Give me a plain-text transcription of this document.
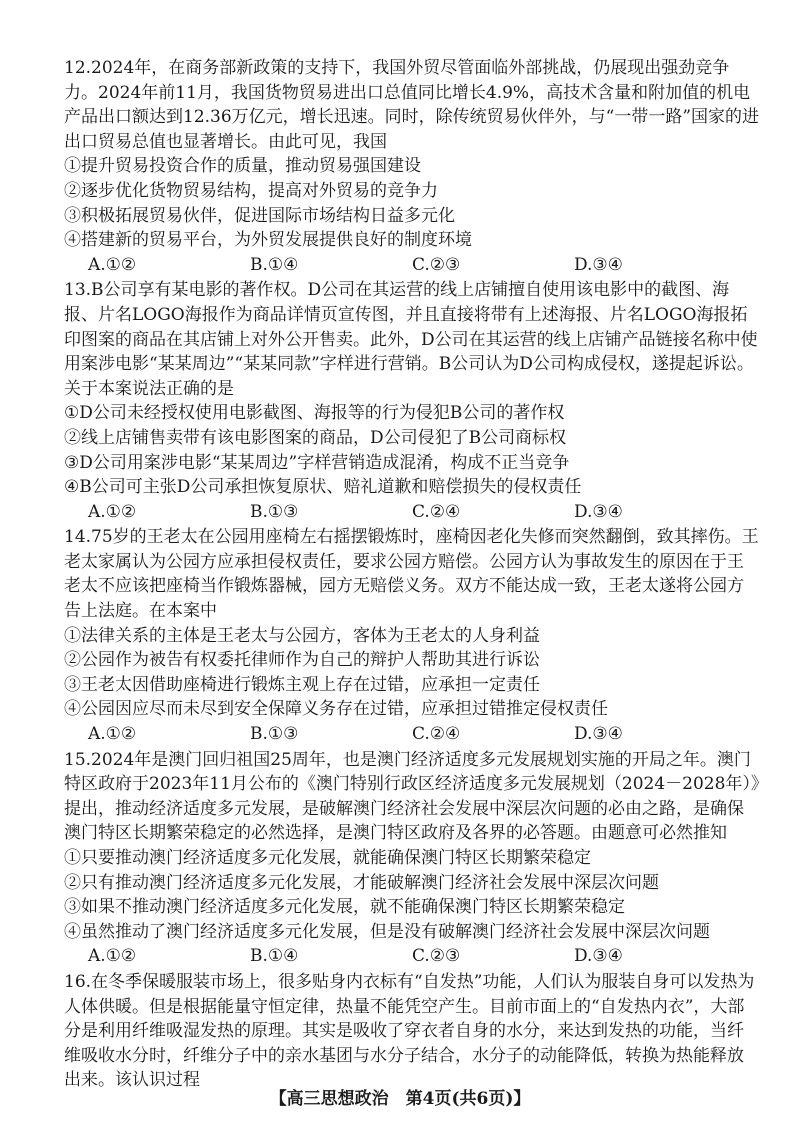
12.2024年，在商务部新政策的支持下，我国外贸尽管面临外部挑战，仍展现出强劲竞争力。2024年前11月，我国货物贸易进出口总值同比增长4.9%，高技术含量和附加值的机电产品出口额达到12.36万亿元，增长迅速。同时，除传统贸易伙伴外，与“一带一路”国家的进出口贸易总值也显著增长。由此可见，我国

①提升贸易投资合作的质量，推动贸易强国建设

②逐步优化货物贸易结构，提高对外贸易的竞争力

③积极拓展贸易伙伴，促进国际市场结构日益多元化

④搭建新的贸易平台，为外贸发展提供良好的制度环境

A.①②	B.①④	C.②③	D.③④

13.B公司享有某电影的著作权。D公司在其运营的线上店铺擅自使用该电影中的截图、海报、片名LOGO海报作为商品详情页宣传图，并且直接将带有上述海报、片名LOGO海报拓印图案的商品在其店铺上对外公开售卖。此外，D公司在其运营的线上店铺产品链接名称中使用案涉电影“某某周边”“某某同款”字样进行营销。B公司认为D公司构成侵权，遂提起诉讼。关于本案说法正确的是

①D公司未经授权使用电影截图、海报等的行为侵犯B公司的著作权

②线上店铺售卖带有该电影图案的商品，D公司侵犯了B公司商标权

③D公司用案涉电影“某某周边”字样营销造成混淆，构成不正当竞争

④B公司可主张D公司承担恢复原状、赔礼道歉和赔偿损失的侵权责任

A.①②	B.①③	C.②④	D.③④

14.75岁的王老太在公园用座椅左右摇摆锻炼时，座椅因老化失修而突然翻倒，致其摔伤。王老太家属认为公园方应承担侵权责任，要求公园方赔偿。公园方认为事故发生的原因在于王老太不应该把座椅当作锻炼器械，园方无赔偿义务。双方不能达成一致，王老太遂将公园方告上法庭。在本案中

①法律关系的主体是王老太与公园方，客体为王老太的人身利益

②公园作为被告有权委托律师作为自己的辩护人帮助其进行诉讼

③王老太因借助座椅进行锻炼主观上存在过错，应承担一定责任

④公园因应尽而未尽到安全保障义务存在过错，应承担过错推定侵权责任

A.①②	B.①③	C.②④	D.③④

15.2024年是澳门回归祖国25周年，也是澳门经济适度多元发展规划实施的开局之年。澳门特区政府于2023年11月公布的《澳门特别行政区经济适度多元发展规划（2024－2028年）》提出，推动经济适度多元发展，是破解澳门经济社会发展中深层次问题的必由之路，是确保澳门特区长期繁荣稳定的必然选择，是澳门特区政府及各界的必答题。由题意可必然推知

①只要推动澳门经济适度多元化发展，就能确保澳门特区长期繁荣稳定

②只有推动澳门经济适度多元化发展，才能破解澳门经济社会发展中深层次问题

③如果不推动澳门经济适度多元化发展，就不能确保澳门特区长期繁荣稳定

④虽然推动了澳门经济适度多元化发展，但是没有破解澳门经济社会发展中深层次问题

A.①②	B.①④	C.②③	D.③④

16.在冬季保暖服装市场上，很多贴身内衣标有“自发热”功能，人们认为服装自身可以发热为人体供暖。但是根据能量守恒定律，热量不能凭空产生。目前市面上的“自发热内衣”，大部分是利用纤维吸湿发热的原理。其实是吸收了穿衣者自身的水分，来达到发热的功能，当纤维吸收水分时，纤维分子中的亲水基团与水分子结合，水分子的动能降低，转换为热能释放出来。该认识过程

【高三思想政治　第4页(共6页)】
